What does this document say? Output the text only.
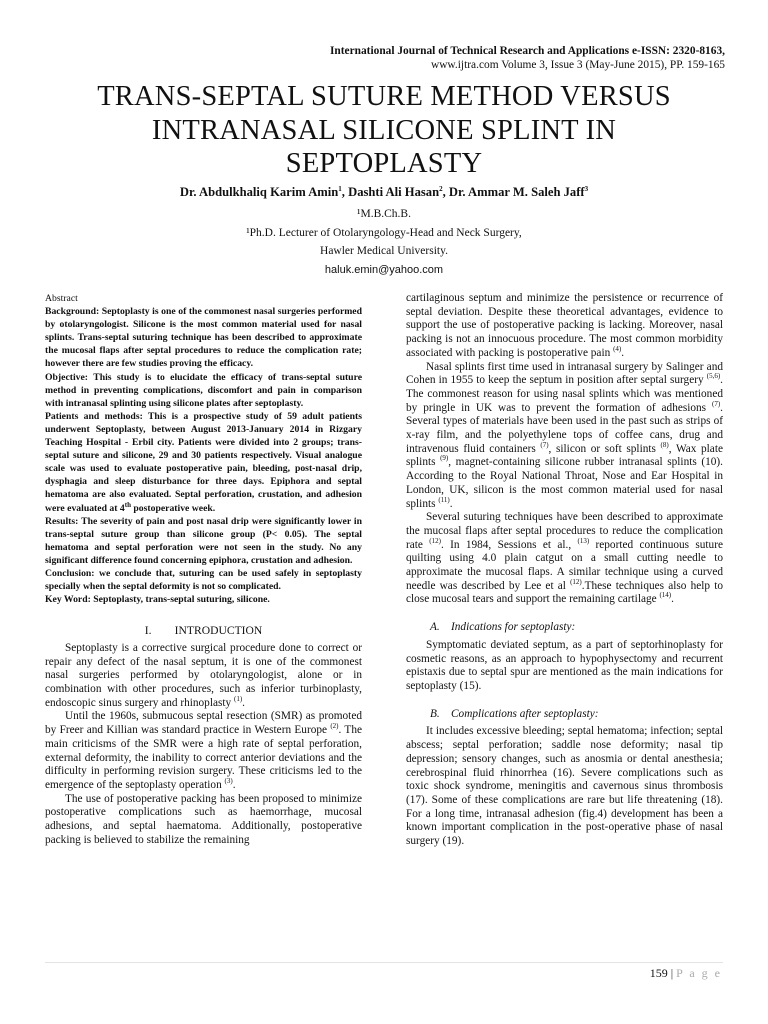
International Journal of Technical Research and Applications e-ISSN: 2320-8163,
www.ijtra.com Volume 3, Issue 3 (May-June 2015), PP. 159-165
TRANS-SEPTAL SUTURE METHOD VERSUS
INTRANASAL SILICONE SPLINT IN
SEPTOPLASTY
Dr. Abdulkhaliq Karim Amin$^1$, Dashti Ali Hasan$^2$, Dr. Ammar M. Saleh Jaff$^3$
¹M.B.Ch.B.
¹Ph.D. Lecturer of Otolaryngology-Head and Neck Surgery,
Hawler Medical University.
haluk.emin@yahoo.com

Abstract

Background: Septoplasty is one of the commonest nasal surgeries performed by otolaryngologist. Silicone is the most common material used for nasal splints. Trans-septal suturing technique has been described to approximate the mucosal flaps after septal procedures to reduce the complication rate; however there are few studies proving the efficacy.

Objective: This study is to elucidate the efficacy of trans-septal suture method in preventing complications, discomfort and pain in comparison with intranasal splinting using silicone plates after septoplasty.

Patients and methods: This is a prospective study of 59 adult patients underwent Septoplasty, between August 2013-January 2014 in Rizgary Teaching Hospital - Erbil city. Patients were divided into 2 groups; trans-septal suture and silicone, 29 and 30 patients respectively. Visual analogue scale was used to evaluate postoperative pain, bleeding, post-nasal drip, dysphagia and sleep disturbance for three days. Epiphora and septal hematoma are also evaluated. Septal perforation, crustation, and adhesion were evaluated at 4th postoperative week.

Results: The severity of pain and post nasal drip were significantly lower in trans-septal suture group than silicone group (P< 0.05). The septal hematoma and septal perforation were not seen in the study. No any significant difference found concerning epiphora, crustation and adhesion.

Conclusion: we conclude that, suturing can be used safely in septoplasty specially when the septal deformity is not so complicated.

Key Word: Septoplasty, trans-septal suturing, silicone.

I.        INTRODUCTION

Septoplasty is a corrective surgical procedure done to correct or repair any defect of the nasal septum, it is one of the commonest nasal surgeries performed by otolaryngologist, alone or in combination with other procedures, such as inferior turbinoplasty, endoscopic sinus surgery and rhinoplasty $^{(1)}$.

Until the 1960s, submucous septal resection (SMR) as promoted by Freer and Killian was standard practice in Western Europe $^{(2)}$. The main criticisms of the SMR were a high rate of septal perforation, external deformity, the inability to correct anterior deviations and the difficulty in performing revision surgery. These criticisms led to the emergence of the septoplasty operation $^{(3)}$.

The use of postoperative packing has been proposed to minimize postoperative complications such as haemorrhage, mucosal adhesions, and septal haematoma. Additionally, postoperative packing is believed to stabilize the remaining

cartilaginous septum and minimize the persistence or recurrence of septal deviation. Despite these theoretical advantages, evidence to support the use of postoperative packing is lacking. Moreover, nasal packing is not an innocuous procedure. The most common morbidity associated with packing is postoperative pain $^{(4)}$.

Nasal splints first time used in intranasal surgery by Salinger and Cohen in 1955 to keep the septum in position after septal surgery $^{(5,6)}$. The commonest reason for using nasal splints which was mentioned by pringle in UK was to prevent the formation of adhesions $^{(7)}$. Several types of materials have been used in the past such as strips of x-ray film, and the polyethylene tops of coffee cans, drug and intravenous fluid containers $^{(7)}$, silicon or soft splints $^{(8)}$, Wax plate splints $^{(9)}$, magnet-containing silicone rubber intranasal splints (10). According to the Royal National Throat, Nose and Ear Hospital in London, UK, silicon is the most common material used for nasal splints $^{(11)}$.

Several suturing techniques have been described to approximate the mucosal flaps after septal procedures to reduce the complication rate $^{(12)}$. In 1984, Sessions et al., $^{(13)}$ reported continuous suture quilting using 4.0 plain catgut on a small cutting needle to approximate the mucosal flaps. A similar technique using a curved needle was described by Lee et al $^{(12)}$.These techniques also help to close mucosal tears and support the remaining cartilage $^{(14)}$.

A.    Indications for septoplasty:

Symptomatic deviated septum, as a part of septorhinoplasty for cosmetic reasons, as an approach to hypophysectomy and recurrent epistaxis due to septal spur are mentioned as the main indications for septoplasty (15).

B.    Complications after septoplasty:

It includes excessive bleeding; septal hematoma; infection; septal abscess; septal perforation; saddle nose deformity; nasal tip depression; sensory changes, such as anosmia or dental anesthesia; cerebrospinal fluid rhinorrhea (16). Severe complications such as toxic shock syndrome, meningitis and cavernous sinus thrombosis (17). Some of these complications are rare but life threatening (18). For a long time, intranasal adhesion (fig.4) development has been a known important complication in the post-operative phase of nasal surgery (19).

159 | P a g e
